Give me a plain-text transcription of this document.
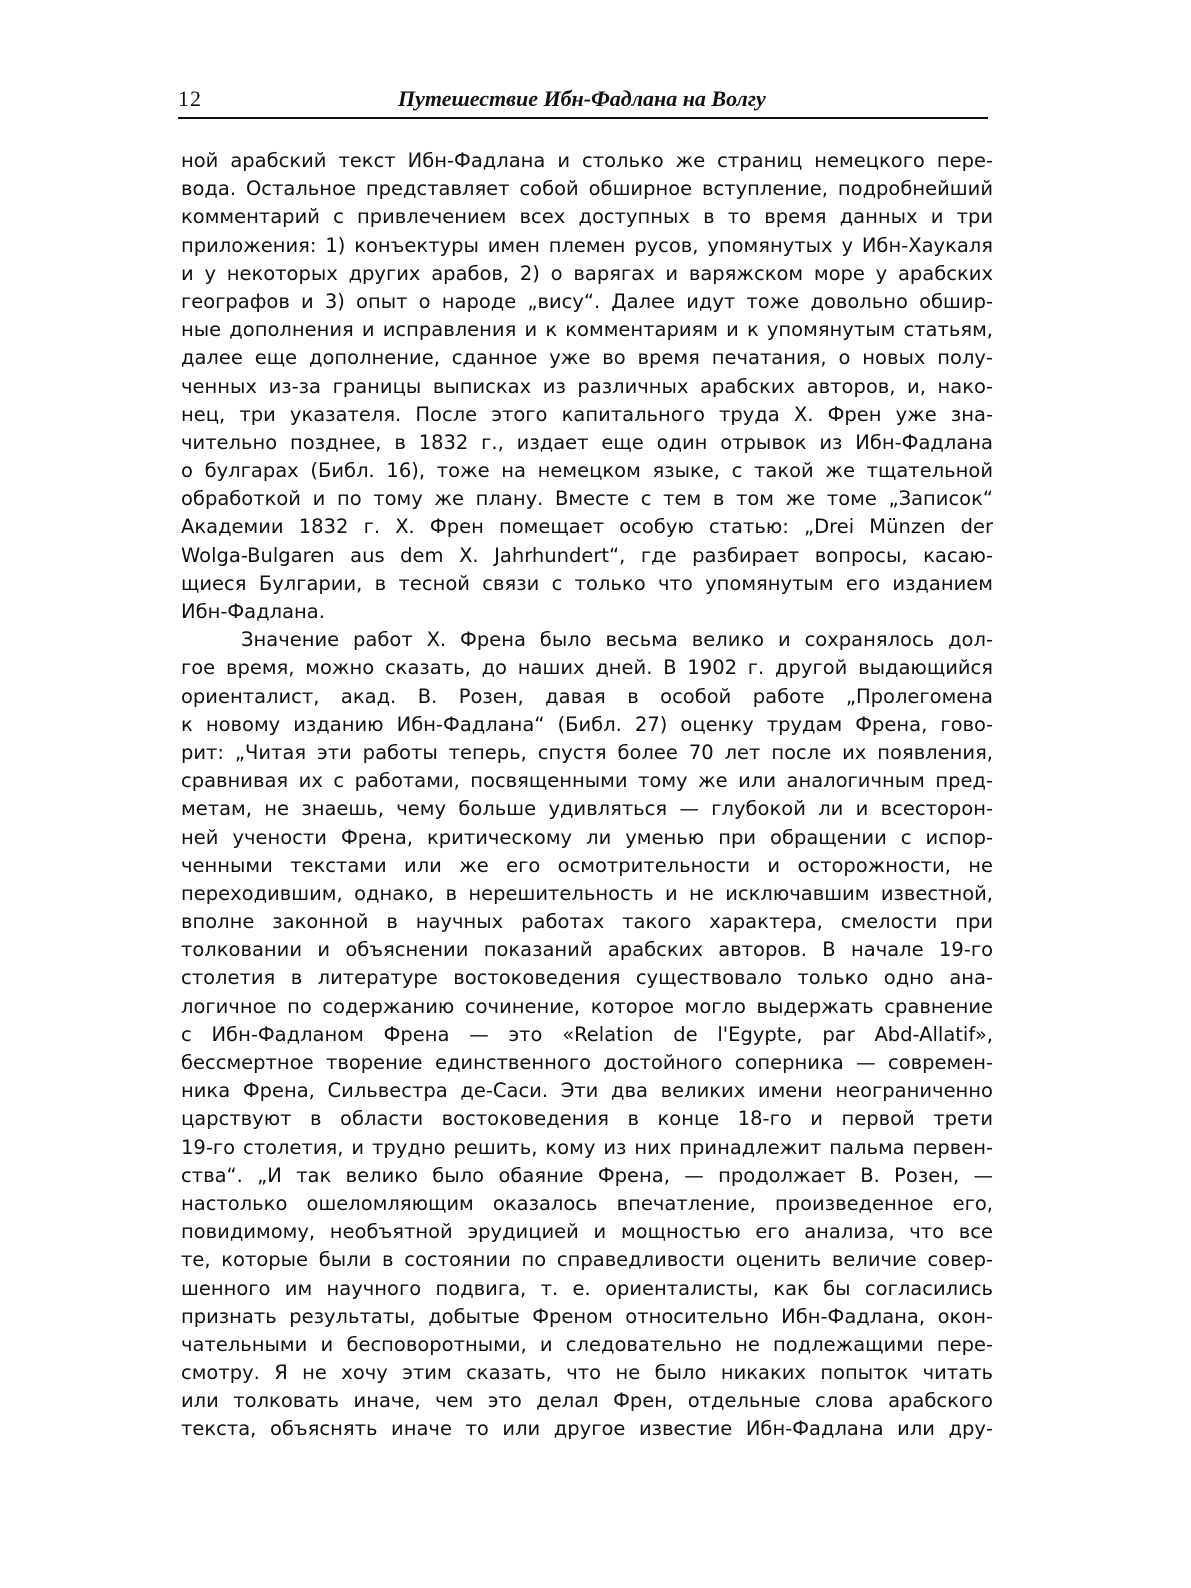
12	Путешествие Ибн-Фадлана на Волгу
ной арабский текст Ибн-Фадлана и столько же страниц немецкого пере-
вода. Остальное представляет собой обширное вступление, подробнейший
комментарий с привлечением всех доступных в то время данных и три
приложения: 1) конъектуры имен племен русов, упомянутых у Ибн-Хаукаля
и у некоторых других арабов, 2) о варягах и варяжском море у арабских
географов и 3) опыт о народе „вису“. Далее идут тоже довольно обшир-
ные дополнения и исправления и к комментариям и к упомянутым статьям,
далее еще дополнение, сданное уже во время печатания, о новых полу-
ченных из-за границы выписках из различных арабских авторов, и, нако-
нец, три указателя. После этого капитального труда Х. Френ уже зна-
чительно позднее, в 1832 г., издает еще один отрывок из Ибн-Фадлана
о булгарах (Библ. 16), тоже на немецком языке, с такой же тщательной
обработкой и по тому же плану. Вместе с тем в том же томе „Записок“
Академии 1832 г. Х. Френ помещает особую статью: „Drei Münzen der
Wolga-Bulgaren aus dem X. Jahrhundert“, где разбирает вопросы, касаю-
щиеся Булгарии, в тесной связи с только что упомянутым его изданием
Ибн-Фадлана.
Значение работ Х. Френа было весьма велико и сохранялось дол-
гое время, можно сказать, до наших дней. В 1902 г. другой выдающийся
ориенталист, акад. В. Розен, давая в особой работе „Пролегомена
к новому изданию Ибн-Фадлана“ (Библ. 27) оценку трудам Френа, гово-
рит: „Читая эти работы теперь, спустя более 70 лет после их появления,
сравнивая их с работами, посвященными тому же или аналогичным пред-
метам, не знаешь, чему больше удивляться — глубокой ли и всесторон-
ней учености Френа, критическому ли уменью при обращении с испор-
ченными текстами или же его осмотрительности и осторожности, не
переходившим, однако, в нерешительность и не исключавшим известной,
вполне законной в научных работах такого характера, смелости при
толковании и объяснении показаний арабских авторов. В начале 19-го
столетия в литературе востоковедения существовало только одно ана-
логичное по содержанию сочинение, которое могло выдержать сравнение
с Ибн-Фадланом Френа — это «Relation de l'Egypte, par Abd-Allatif»,
бессмертное творение единственного достойного соперника — современ-
ника Френа, Сильвестра де-Саси. Эти два великих имени неограниченно
царствуют в области востоковедения в конце 18-го и первой трети
19-го столетия, и трудно решить, кому из них принадлежит пальма первен-
ства“. „И так велико было обаяние Френа, — продолжает В. Розен, —
настолько ошеломляющим оказалось впечатление, произведенное его,
повидимому, необъятной эрудицией и мощностью его анализа, что все
те, которые были в состоянии по справедливости оценить величие совер-
шенного им научного подвига, т. е. ориенталисты, как бы согласились
признать результаты, добытые Френом относительно Ибн-Фадлана, окон-
чательными и бесповоротными, и следовательно не подлежащими пере-
смотру. Я не хочу этим сказать, что не было никаких попыток читать
или толковать иначе, чем это делал Френ, отдельные слова арабского
текста, объяснять иначе то или другое известие Ибн-Фадлана или дру-
